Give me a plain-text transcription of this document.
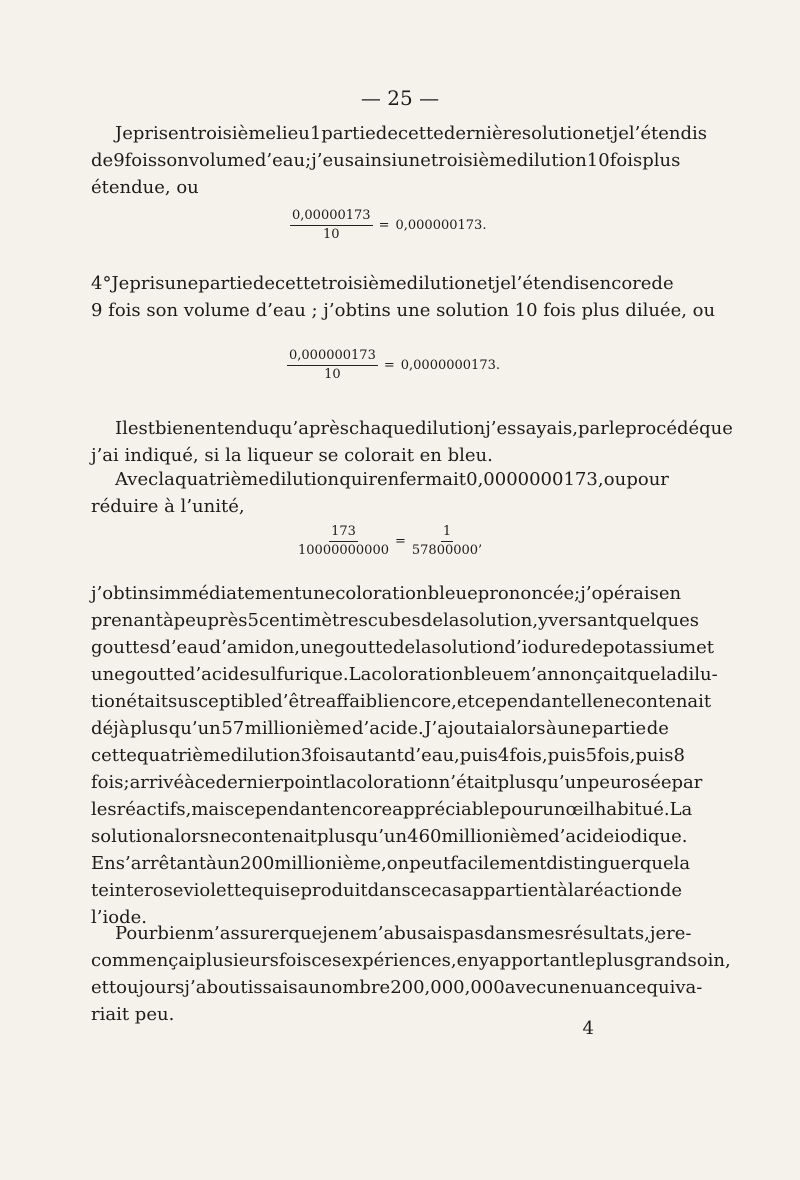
— 25 —
Je pris en troisième lieu 1 partie de cette dernière solution et je l’étendis
de 9 fois son volume d’eau ; j’eus ainsi une troisième dilution 10 fois plus
étendue, ou
$\frac{0,00000173}{10} = 0,000000173$.
4° Je pris une partie de cette troisième dilution et je l’étendis encore de
9 fois son volume d’eau ; j’obtins une solution 10 fois plus diluée, ou
$\frac{0,000000173}{10} = 0,0000000173$.
Il est bien entendu qu’après chaque dilution j’essayais, par le procédé que
j’ai indiqué, si la liqueur se colorait en bleu.
Avec la quatrième dilution qui renfermait 0,0000000173, ou pour
réduire à l’unité,
$\frac{173}{10000000000} = \frac{1}{57800000’}$
j’obtins immédiatement une coloration bleue prononcée ; j’opérais en
prenant à peu près 5 centimètres cubes de la solution, y versant quelques
gouttes d’eau d’amidon, une goutte de la solution d’iodure de potassium et
une goutte d’acide sulfurique. La coloration bleue m’annonçait que la dilu-
tion était susceptible d’être affaibli encore, et cependant elle ne contenait
déjà plus qu’un 57 millionième d’acide. J’ajoutai alors à une partie de
cette quatrième dilution 3 fois autant d’eau, puis 4 fois, puis 5 fois, puis 8
fois ; arrivé à ce dernier point la coloration n’était plus qu’un peu rosée par
les réactifs, mais cependant encore appréciable pour un œil habitué. La
solution alors ne contenait plus qu’un 460 millionième d’acide iodique.
En s’arrêtant à un 200 millionième, on peut facilement distinguer que la
teinte rose violette qui se produit dans ce cas appartient à la réaction de
l’iode.
Pour bien m’assurer que je ne m’abusais pas dans mes résultats, je re-
commençai plusieurs fois ces expériences, en y apportant le plus grand soin,
et toujours j’aboutissais au nombre 200,000,000 avec une nuance qui va-
riait peu.
4
